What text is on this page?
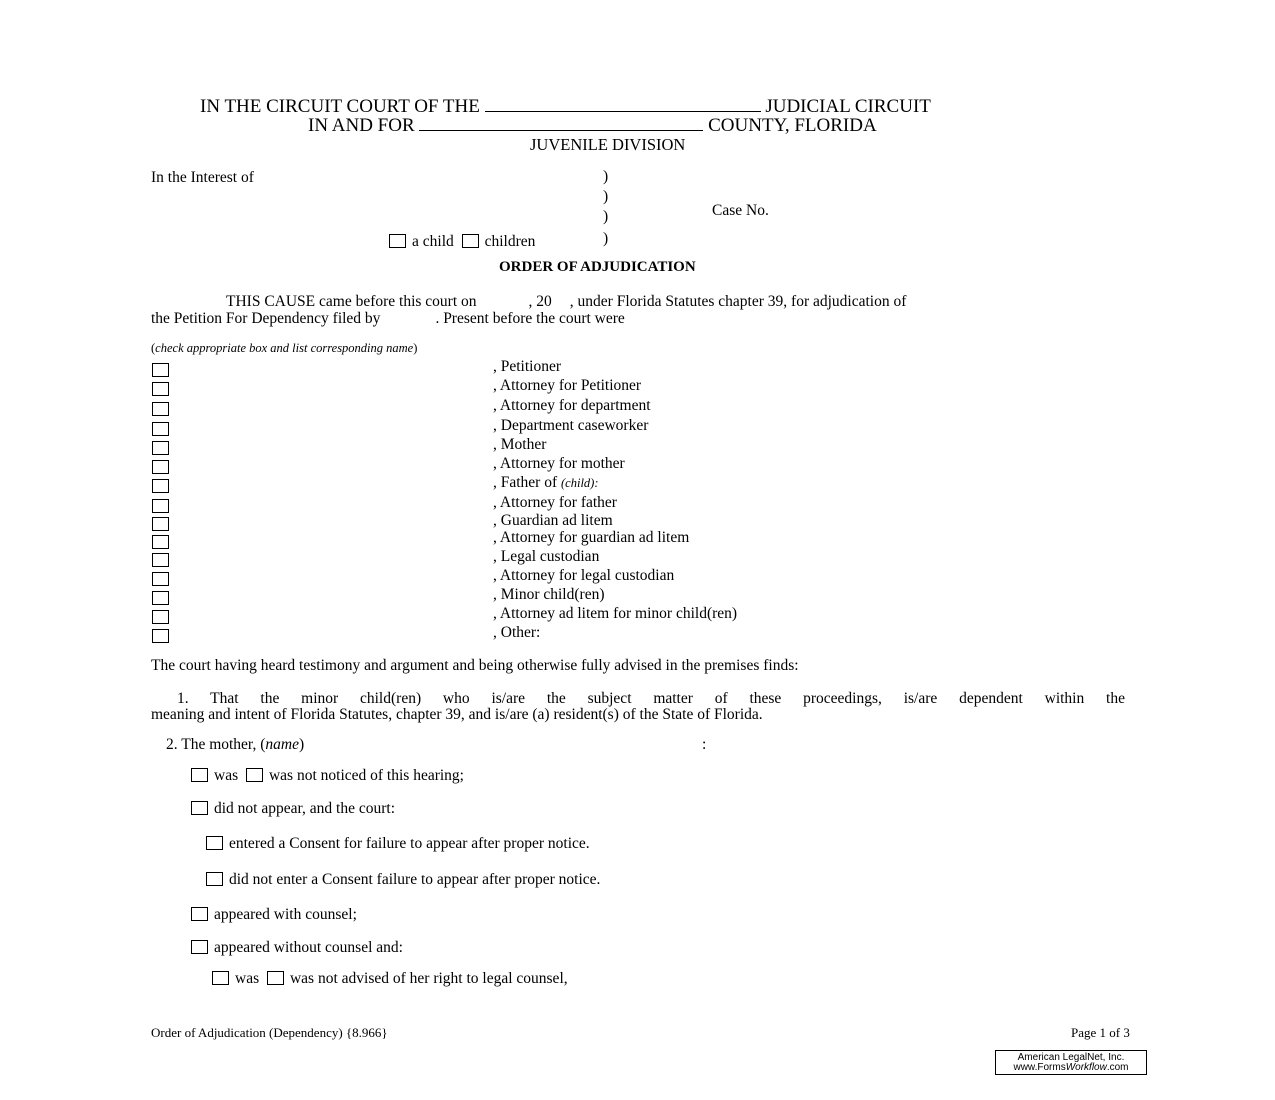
IN THE CIRCUIT COURT OF THE	JUDICIAL CIRCUIT
IN AND FOR	COUNTY, FLORIDA
JUVENILE DIVISION
In the Interest of	)
)
)
)
Case No.
a child children
ORDER OF ADJUDICATION
THIS CAUSE came before this court on	, 20 , under Florida Statutes chapter 39, for adjudication of
the Petition For Dependency filed by	. Present before the court were
(check appropriate box and list corresponding name)
, Petitioner
, Attorney for Petitioner
, Attorney for department
, Department caseworker
, Mother
, Attorney for mother
, Father of (child):
, Attorney for father
, Guardian ad litem
, Attorney for guardian ad litem
, Legal custodian
, Attorney for legal custodian
, Minor child(ren)
, Attorney ad litem for minor child(ren)
, Other:
The court having heard testimony and argument and being otherwise fully advised in the premises finds:
1. That the minor child(ren) who is/are the subject matter of these proceedings, is/are dependent within the
meaning and intent of Florida Statutes, chapter 39, and is/are (a) resident(s) of the State of Florida.
2. The mother, (name)	:
was was not noticed of this hearing;
did not appear, and the court:
entered a Consent for failure to appear after proper notice.
did not enter a Consent failure to appear after proper notice.
appeared with counsel;
appeared without counsel and:
was was not advised of her right to legal counsel,
Order of Adjudication (Dependency) {8.966}	Page 1 of 3
American LegalNet, Inc.
www.FormsWorkflow.com
